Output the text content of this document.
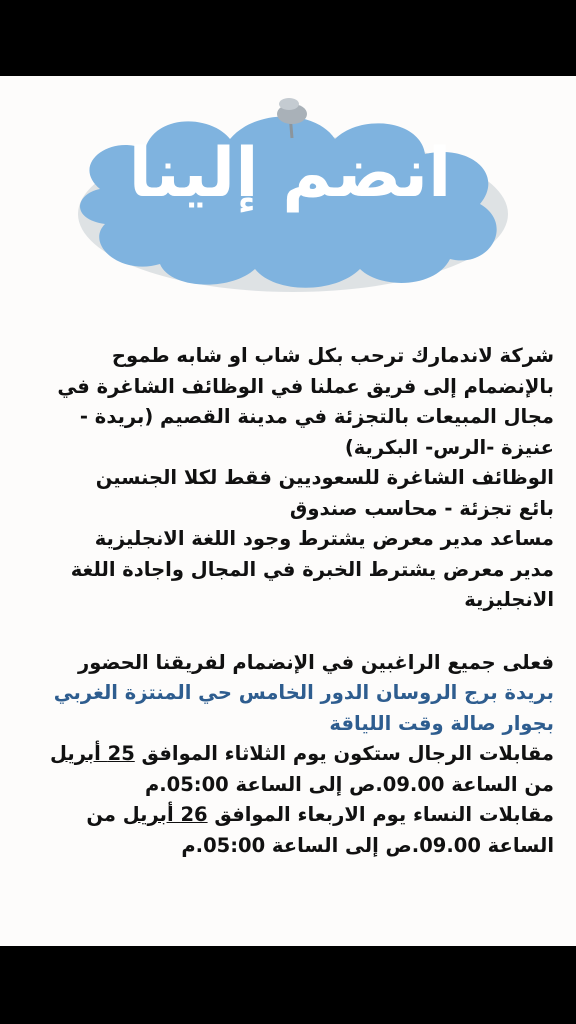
انضم إلينا
شركة لاندمارك ترحب بكل شاب او شابه طموح
بالإنضمام إلى فريق عملنا في الوظائف الشاغرة في
مجال المبيعات بالتجزئة في مدينة القصيم (بريدة -
عنيزة -الرس- البكرية)
الوظائف الشاغرة للسعوديين فقط لكلا الجنسين
بائع تجزئة - محاسب صندوق
مساعد مدير معرض يشترط وجود اللغة الانجليزية
مدير معرض يشترط الخبرة في المجال واجادة اللغة
الانجليزية
فعلى جميع الراغبين في الإنضمام لفريقنا الحضور
بريدة برج الروسان الدور الخامس حي المنتزة الغربي
بجوار صالة وقت اللياقة
مقابلات الرجال ستكون يوم الثلاثاء الموافق 25 أبريل
من الساعة 09.00.ص إلى الساعة 05:00.م
مقابلات النساء يوم الاربعاء الموافق 26 أبريل من
الساعة 09.00.ص إلى الساعة 05:00.م
